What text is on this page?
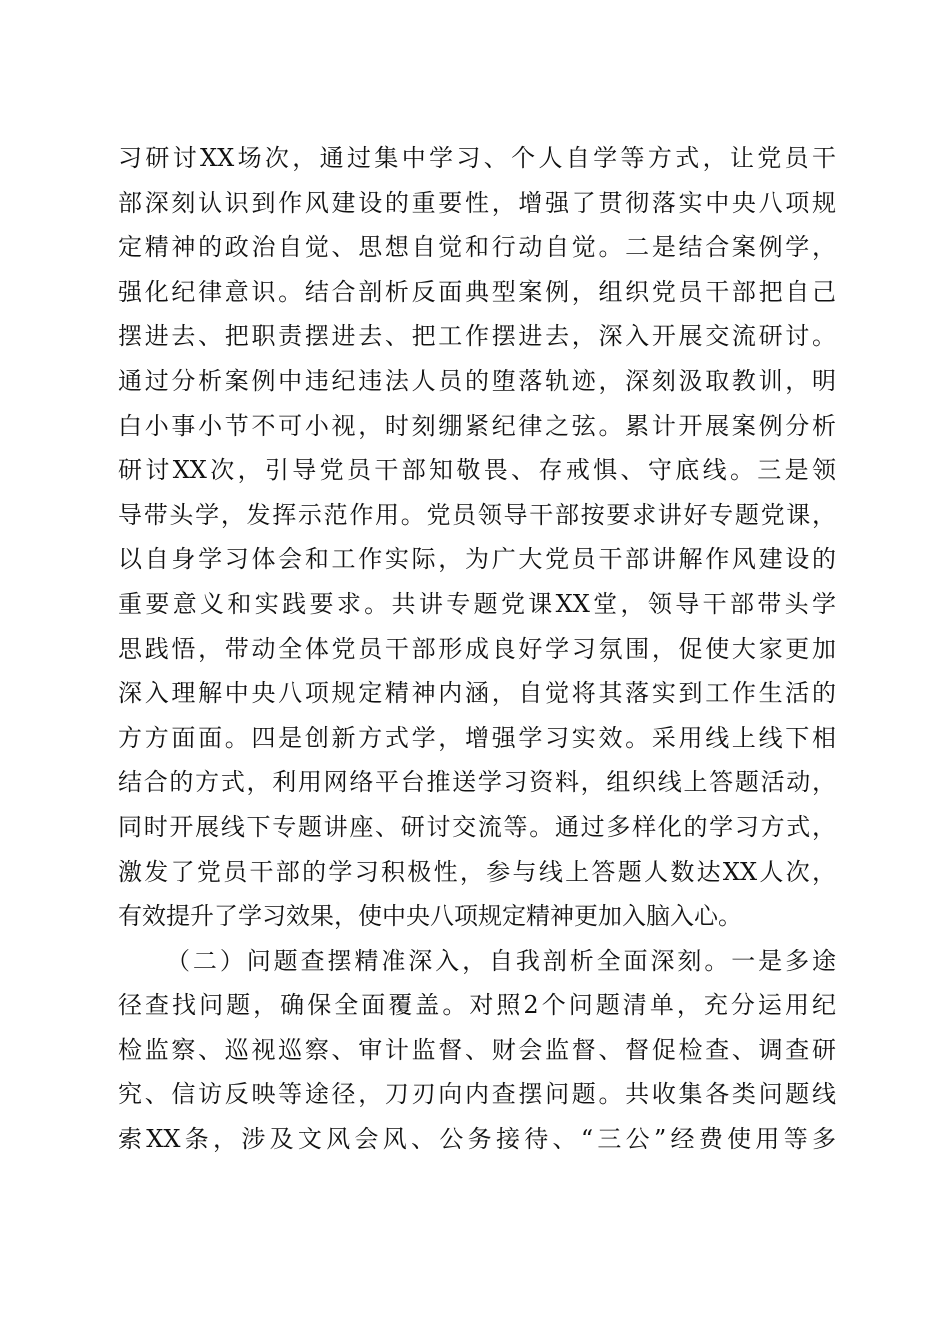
习研讨XX场次，通过集中学习、个人自学等方式，让党员干
部深刻认识到作风建设的重要性，增强了贯彻落实中央八项规
定精神的政治自觉、思想自觉和行动自觉。二是结合案例学，
强化纪律意识。结合剖析反面典型案例，组织党员干部把自己
摆进去、把职责摆进去、把工作摆进去，深入开展交流研讨。
通过分析案例中违纪违法人员的堕落轨迹，深刻汲取教训，明
白小事小节不可小视，时刻绷紧纪律之弦。累计开展案例分析
研讨XX次，引导党员干部知敬畏、存戒惧、守底线。三是领
导带头学，发挥示范作用。党员领导干部按要求讲好专题党课，
以自身学习体会和工作实际，为广大党员干部讲解作风建设的
重要意义和实践要求。共讲专题党课XX堂，领导干部带头学
思践悟，带动全体党员干部形成良好学习氛围，促使大家更加
深入理解中央八项规定精神内涵，自觉将其落实到工作生活的
方方面面。四是创新方式学，增强学习实效。采用线上线下相
结合的方式，利用网络平台推送学习资料，组织线上答题活动，
同时开展线下专题讲座、研讨交流等。通过多样化的学习方式，
激发了党员干部的学习积极性，参与线上答题人数达XX人次，
有效提升了学习效果，使中央八项规定精神更加入脑入心。
（二）问题查摆精准深入，自我剖析全面深刻。一是多途
径查找问题，确保全面覆盖。对照2个问题清单，充分运用纪
检监察、巡视巡察、审计监督、财会监督、督促检查、调查研
究、信访反映等途径，刀刃向内查摆问题。共收集各类问题线
索XX条，涉及文风会风、公务接待、“三公”经费使用等多
